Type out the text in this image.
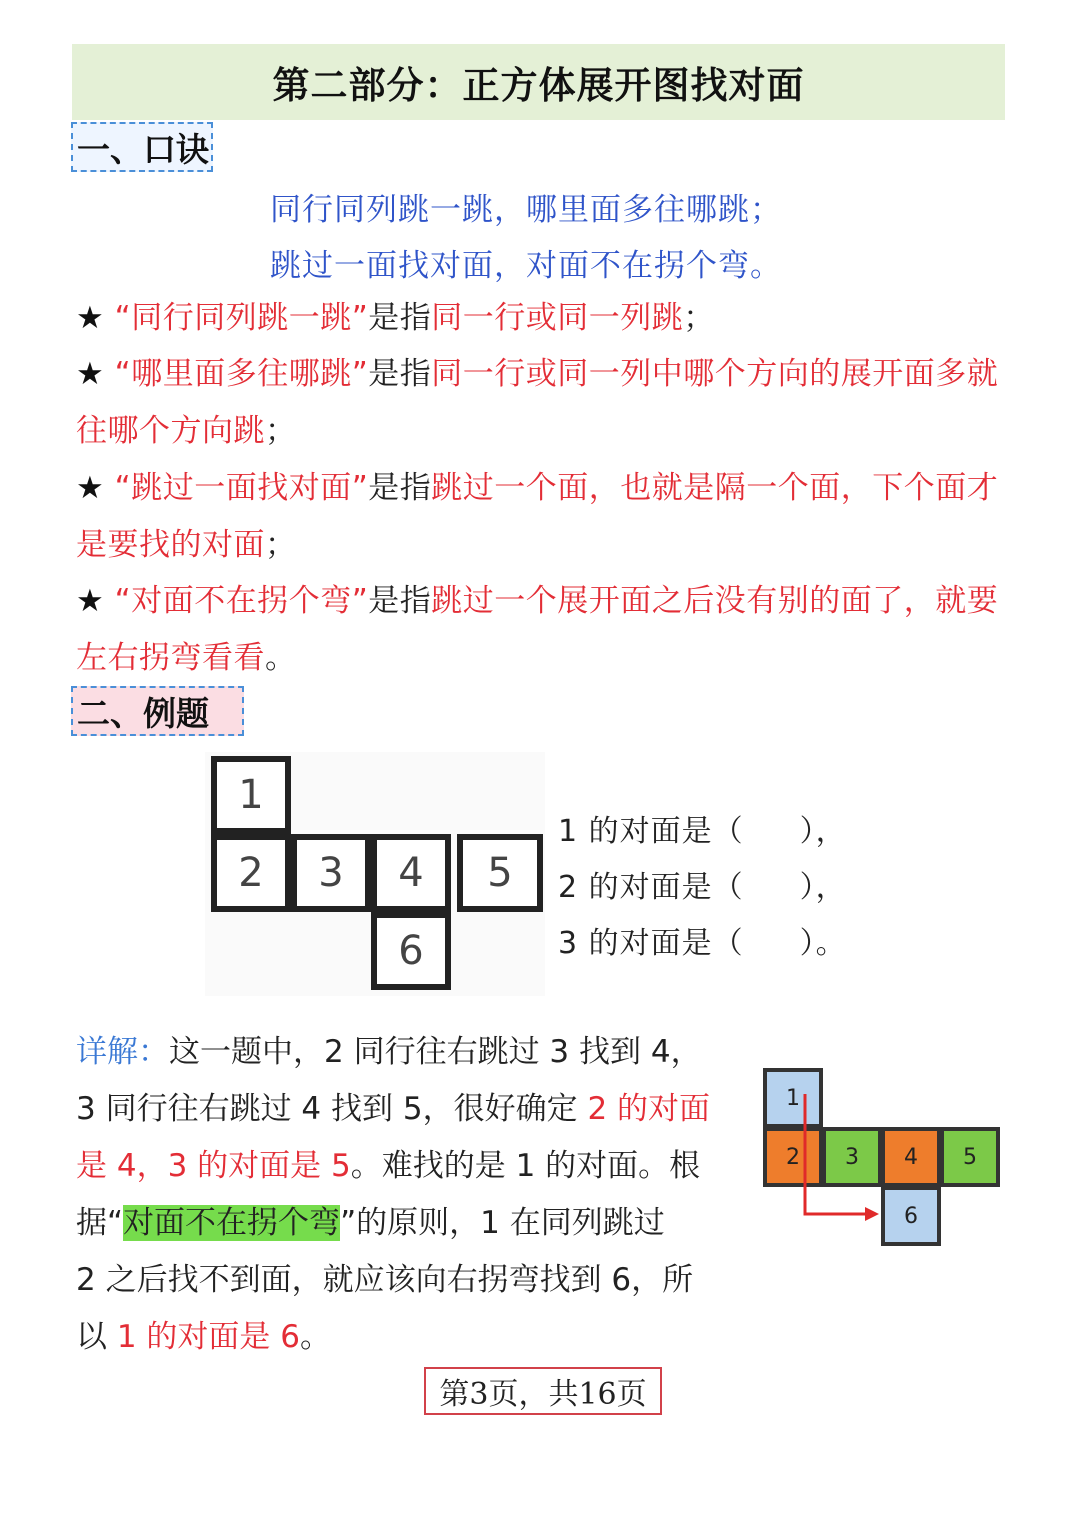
第二部分：正方体展开图找对面
一、口诀
同行同列跳一跳，哪里面多往哪跳；
跳过一面找对面，对面不在拐个弯。
★ “同行同列跳一跳”是指同一行或同一列跳；
★ “哪里面多往哪跳”是指同一行或同一列中哪个方向的展开面多就往哪个方向跳；
★ “跳过一面找对面”是指跳过一个面，也就是隔一个面，下个面才是要找的对面；
★ “对面不在拐个弯”是指跳过一个展开面之后没有别的面了，就要左右拐弯看看。
二、例题
1
2	3	4	5
6
1 的对面是（ ），
2 的对面是（ ），
3 的对面是（ ）。
详解：这一题中，2 同行往右跳过 3 找到 4，
3 同行往右跳过 4 找到 5，很好确定 2 的对面
是 4，3 的对面是 5。难找的是 1 的对面。根
据“对面不在拐个弯”的原则，1 在同列跳过
2 之后找不到面，就应该向右拐弯找到 6，所
以 1 的对面是 6。
1
2	3	4	5
6
第3页，共16页
